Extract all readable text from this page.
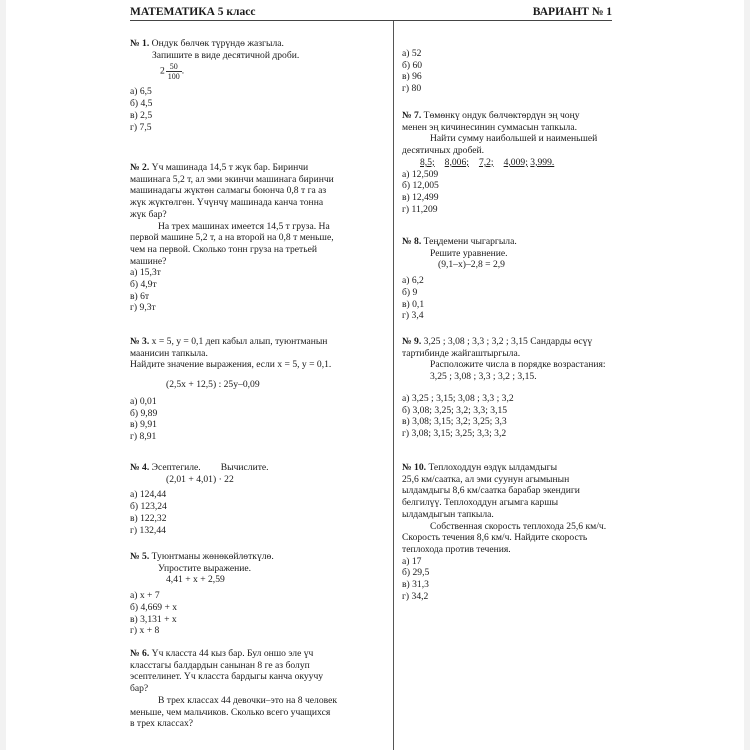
МАТЕМАТИКА 5 класс	ВАРИАНТ № 1

№ 1. Ондук бөлчөк түрүндө жазгыла.

Запишите в виде десятичной дроби.

$2 \frac{50}{100}$ .

а) 6,5

б) 4,5

в) 2,5

г) 7,5

№ 2. Үч машинада 14,5 т жүк бар. Биринчи

машинага 5,2 т, ал эми экинчи машинага биринчи

машинадагы жүктөн салмагы боюнча 0,8 т га аз

жүк жүктөлгөн. Үчүнчү машинада канча тонна

жүк бар?

На трех машинах имеется 14,5 т груза. На

первой машине 5,2 т, а на второй на 0,8 т меньше,

чем на первой. Сколько тонн груза на третьей

машине?

а) 15,3т

б) 4,9т

в) 6т

г) 9,3т

№ 3. x = 5, y = 0,1 деп кабыл алып, туюнтманын

маанисин тапкыла.

Найдите значение выражения, если x = 5, y = 0,1.

(2,5x + 12,5) : 25y–0,09

а) 0,01

б) 9,89

в) 9,91

г) 8,91

№ 4. Эсептегиле. Вычислите.

(2,01 + 4,01) · 22

а) 124,44

б) 123,24

в) 122,32

г) 132,44

№ 5. Туюнтманы жөнөкөйлөткүлө.

Упростите выражение.

4,41 + x + 2,59

а) x + 7

б) 4,669 + x

в) 3,131 + x

г) x + 8

№ 6. Үч класста 44 кыз бар. Бул оншо эле үч

класстагы балдардын санынан 8 ге аз болуп

эсептелинет. Үч класста бардыгы канча окуучу

бар?

В трех классах 44 девочки–это на 8 человек

меньше, чем мальчиков. Сколько всего учащихся

в трех классах?

а) 52

б) 60

в) 96

г) 80

№ 7. Төмөнкү ондук бөлчөктөрдүн эң чоңу

менен эң кичинесинин суммасын тапкыла.

Найти сумму наибольшей и наименьшей

десятичных дробей.

8,5; 8,006; 7,2; 4,009; 3,999.

а) 12,509

б) 12,005

в) 12,499

г) 11,209

№ 8. Теңдемени чыгаргыла.

Решите уравнение.

(9,1–x)–2,8 = 2,9

а) 6,2

б) 9

в) 0,1

г) 3,4

№ 9. 3,25 ; 3,08 ; 3,3 ; 3,2 ; 3,15 Сандарды өсүү

тартибинде жайгаштыргыла.

Расположите числа в порядке возрастания:

3,25 ; 3,08 ; 3,3 ; 3,2 ; 3,15.

а) 3,25 ; 3,15; 3,08 ; 3,3 ; 3,2

б) 3,08; 3,25; 3,2; 3,3; 3,15

в) 3,08; 3,15; 3,2; 3,25; 3,3

г) 3,08; 3,15; 3,25; 3,3; 3,2

№ 10. Теплоходдун өздүк ылдамдыгы

25,6 км/саатка, ал эми суунун агымынын

ылдамдыгы 8,6 км/саатка барабар экендиги

белгилүү. Теплоходдун агымга каршы

ылдамдыгын тапкыла.

Собственная скорость теплохода 25,6 км/ч.

Скорость течения 8,6 км/ч. Найдите скорость

теплохода против течения.

а) 17

б) 29,5

в) 31,3

г) 34,2
